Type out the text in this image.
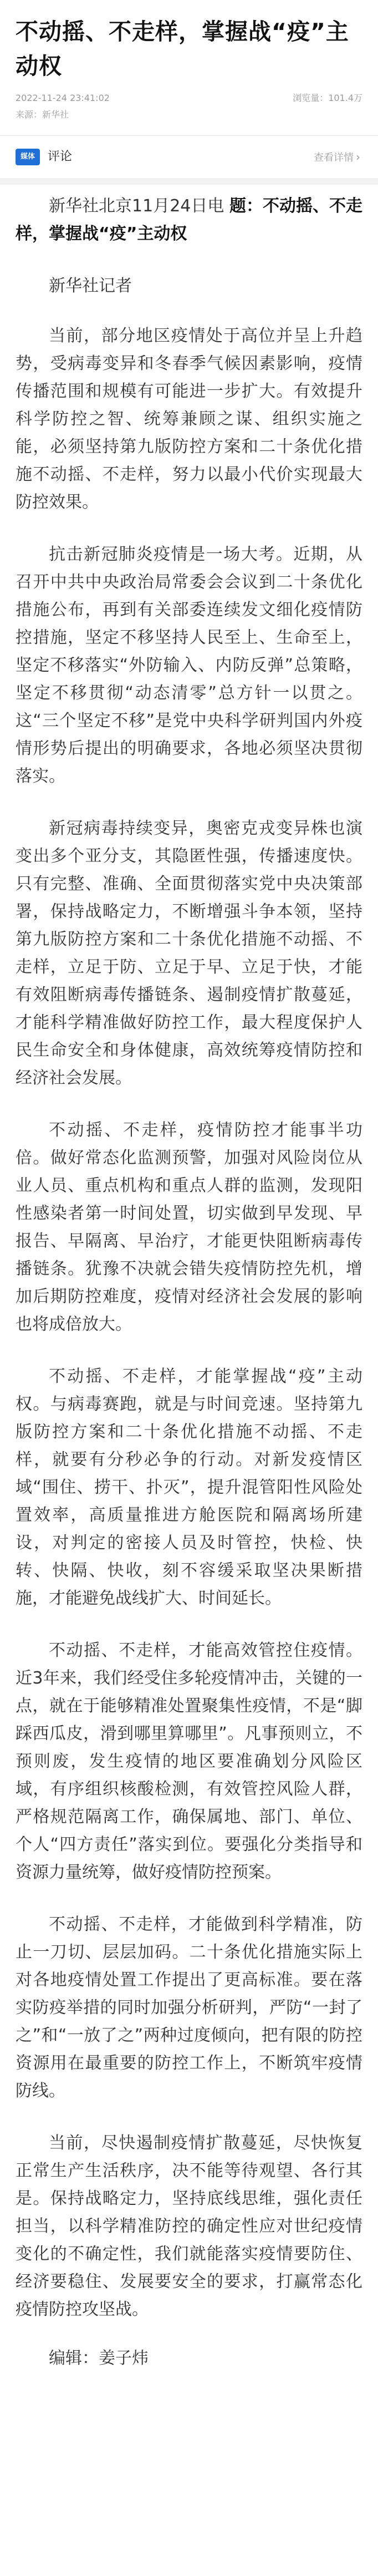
不动摇、不走样，掌握战“疫”主动权
2022-11-24 23:41:02
来源：新华社
浏览量：101.4万
媒体	评论	查看详情 ›

新华社北京11月24日电 题：不动摇、不走样，掌握战“疫”主动权

新华社记者

当前，部分地区疫情处于高位并呈上升趋势，受病毒变异和冬春季气候因素影响，疫情传播范围和规模有可能进一步扩大。有效提升科学防控之智、统筹兼顾之谋、组织实施之能，必须坚持第九版防控方案和二十条优化措施不动摇、不走样，努力以最小代价实现最大防控效果。

抗击新冠肺炎疫情是一场大考。近期，从召开中共中央政治局常委会会议到二十条优化措施公布，再到有关部委连续发文细化疫情防控措施，坚定不移坚持人民至上、生命至上，坚定不移落实“外防输入、内防反弹”总策略，坚定不移贯彻“动态清零”总方针一以贯之。这“三个坚定不移”是党中央科学研判国内外疫情形势后提出的明确要求，各地必须坚决贯彻落实。

新冠病毒持续变异，奥密克戎变异株也演变出多个亚分支，其隐匿性强，传播速度快。只有完整、准确、全面贯彻落实党中央决策部署，保持战略定力，不断增强斗争本领，坚持第九版防控方案和二十条优化措施不动摇、不走样，立足于防、立足于早、立足于快，才能有效阻断病毒传播链条、遏制疫情扩散蔓延，才能科学精准做好防控工作，最大程度保护人民生命安全和身体健康，高效统筹疫情防控和经济社会发展。

不动摇、不走样，疫情防控才能事半功倍。做好常态化监测预警，加强对风险岗位从业人员、重点机构和重点人群的监测，发现阳性感染者第一时间处置，切实做到早发现、早报告、早隔离、早治疗，才能更快阻断病毒传播链条。犹豫不决就会错失疫情防控先机，增加后期防控难度，疫情对经济社会发展的影响也将成倍放大。

不动摇、不走样，才能掌握战“疫”主动权。与病毒赛跑，就是与时间竞速。坚持第九版防控方案和二十条优化措施不动摇、不走样，就要有分秒必争的行动。对新发疫情区域“围住、捞干、扑灭”，提升混管阳性风险处置效率，高质量推进方舱医院和隔离场所建设，对判定的密接人员及时管控，快检、快转、快隔、快收，刻不容缓采取坚决果断措施，才能避免战线扩大、时间延长。

不动摇、不走样，才能高效管控住疫情。近3年来，我们经受住多轮疫情冲击，关键的一点，就在于能够精准处置聚集性疫情，不是“脚踩西瓜皮，滑到哪里算哪里”。凡事预则立，不预则废，发生疫情的地区要准确划分风险区域，有序组织核酸检测，有效管控风险人群，严格规范隔离工作，确保属地、部门、单位、个人“四方责任”落实到位。要强化分类指导和资源力量统筹，做好疫情防控预案。

不动摇、不走样，才能做到科学精准，防止一刀切、层层加码。二十条优化措施实际上对各地疫情处置工作提出了更高标准。要在落实防疫举措的同时加强分析研判，严防“一封了之”和“一放了之”两种过度倾向，把有限的防控资源用在最重要的防控工作上，不断筑牢疫情防线。

当前，尽快遏制疫情扩散蔓延，尽快恢复正常生产生活秩序，决不能等待观望、各行其是。保持战略定力，坚持底线思维，强化责任担当，以科学精准防控的确定性应对世纪疫情变化的不确定性，我们就能落实疫情要防住、经济要稳住、发展要安全的要求，打赢常态化疫情防控攻坚战。

编辑：姜子炜
